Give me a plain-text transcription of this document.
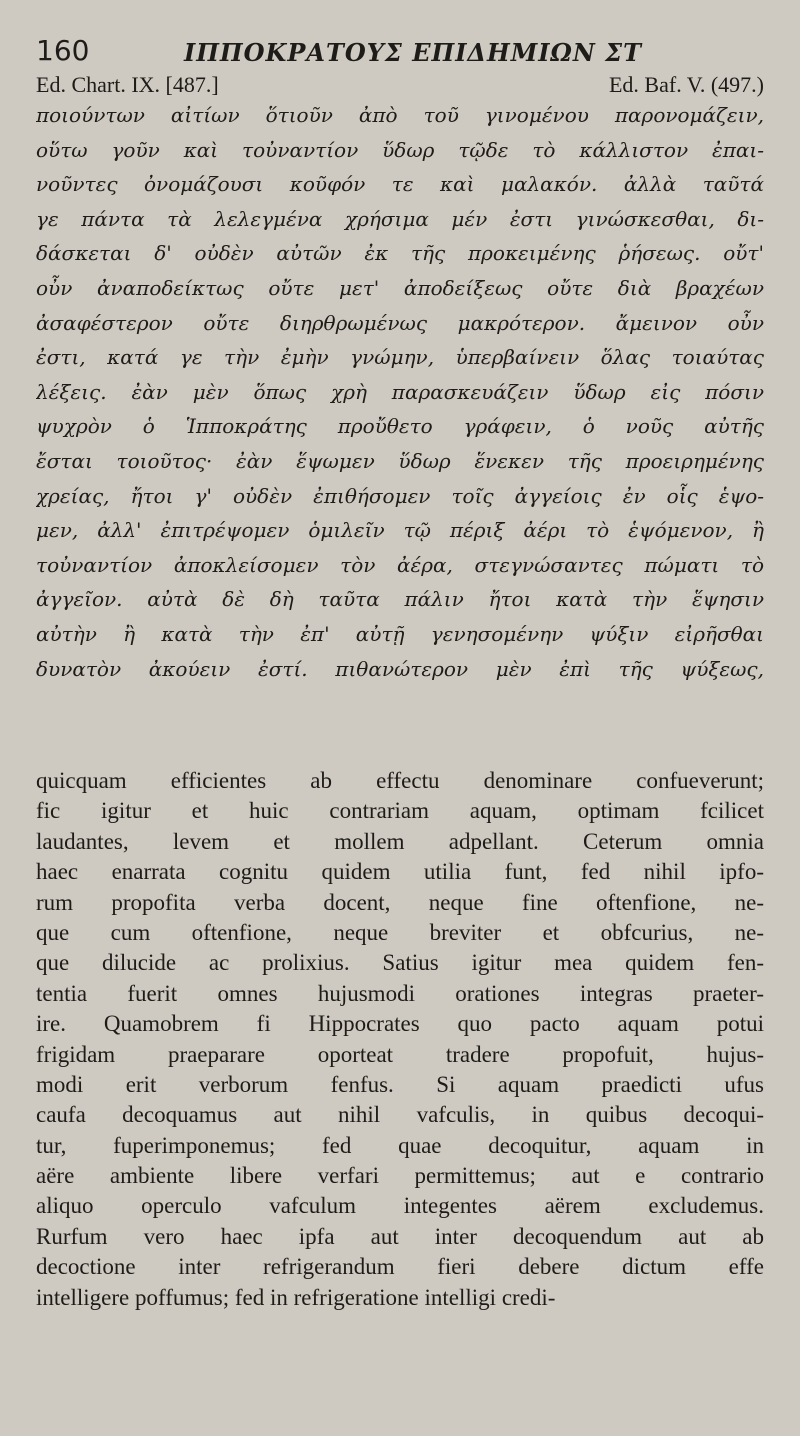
160	ΙΠΠΟΚΡΑΤΟΥΣ ΕΠΙΔΗΜΙΩΝ ΣΤ
Ed. Chart. IX. [487.]	Ed. Baf. V. (497.)
ποιούντων αἰτίων ὅτιοῦν ἀπὸ τοῦ γινομένου παρονομάζειν,
οὕτω γοῦν καὶ τοὐναντίον ὕδωρ τῷδε τὸ κάλλιστον ἐπαι-
νοῦντες ὀνομάζουσι κοῦφόν τε καὶ μαλακόν. ἀλλὰ ταῦτά
γε πάντα τὰ λελεγμένα χρήσιμα μέν ἐστι γινώσκεσθαι, δι-
δάσκεται δ' οὐδὲν αὐτῶν ἐκ τῆς προκειμένης ῥήσεως. οὔτ'
οὖν ἀναποδείκτως οὔτε μετ' ἀποδείξεως οὔτε διὰ βραχέων
ἀσαφέστερον οὔτε διηρθρωμένως μακρότερον. ἄμεινον οὖν
ἐστι, κατά γε τὴν ἐμὴν γνώμην, ὑπερβαίνειν ὅλας τοιαύτας
λέξεις. ἐὰν μὲν ὅπως χρὴ παρασκευάζειν ὕδωρ εἰς πόσιν
ψυχρὸν ὁ Ἱπποκράτης προὔθετο γράφειν, ὁ νοῦς αὐτῆς
ἔσται τοιοῦτος· ἐὰν ἕψωμεν ὕδωρ ἕνεκεν τῆς προειρημένης
χρείας, ἤτοι γ' οὐδὲν ἐπιθήσομεν τοῖς ἀγγείοις ἐν οἷς ἑψο-
μεν, ἀλλ' ἐπιτρέψομεν ὁμιλεῖν τῷ πέριξ ἀέρι τὸ ἑψόμενον, ἢ
τοὐναντίον ἀποκλείσομεν τὸν ἀέρα, στεγνώσαντες πώματι τὸ
ἀγγεῖον. αὐτὰ δὲ δὴ ταῦτα πάλιν ἤτοι κατὰ τὴν ἕψησιν
αὐτὴν ἢ κατὰ τὴν ἐπ' αὐτῇ γενησομένην ψύξιν εἰρῆσθαι
δυνατὸν ἀκούειν ἐστί. πιθανώτερον μὲν ἐπὶ τῆς ψύξεως,
quicquam efficientes ab effectu denominare confueverunt;
fic igitur et huic contrariam aquam, optimam fcilicet
laudantes, levem et mollem adpellant. Ceterum omnia
haec enarrata cognitu quidem utilia funt, fed nihil ipfo-
rum propofita verba docent, neque fine oftenfione, ne-
que cum oftenfione, neque breviter et obfcurius, ne-
que dilucide ac prolixius. Satius igitur mea quidem fen-
tentia fuerit omnes hujusmodi orationes integras praeter-
ire. Quamobrem fi Hippocrates quo pacto aquam potui
frigidam praeparare oporteat tradere propofuit, hujus-
modi erit verborum fenfus. Si aquam praedicti ufus
caufa decoquamus aut nihil vafculis, in quibus decoqui-
tur, fuperimponemus; fed quae decoquitur, aquam in
aëre ambiente libere verfari permittemus; aut e contrario
aliquo operculo vafculum integentes aërem excludemus.
Rurfum vero haec ipfa aut inter decoquendum aut ab
decoctione inter refrigerandum fieri debere dictum effe
intelligere poffumus; fed in refrigeratione intelligi credi-
